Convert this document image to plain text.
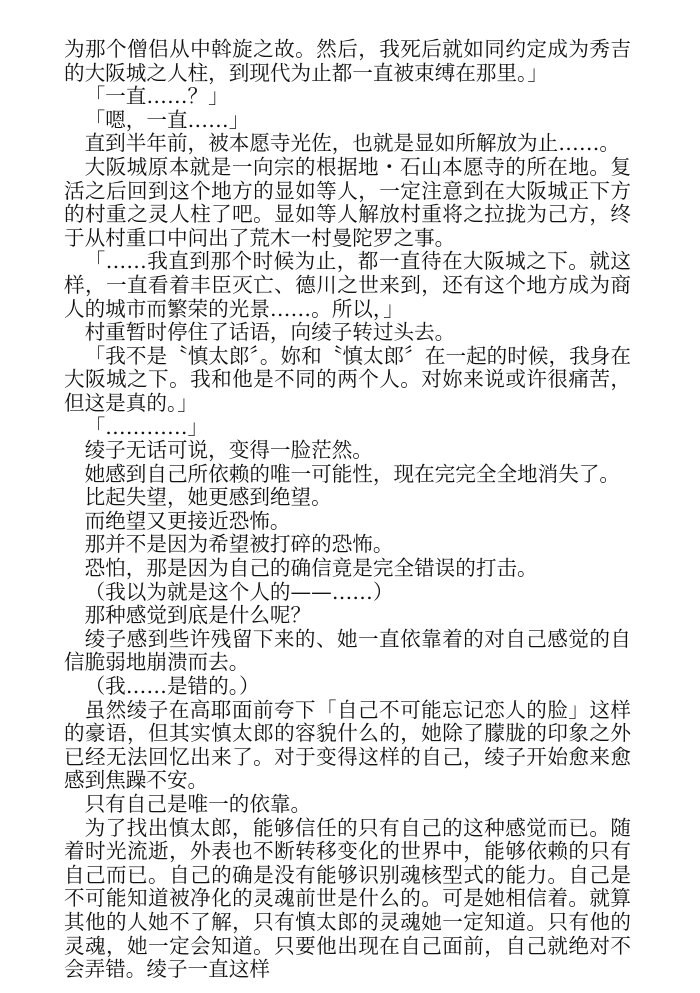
为那个僧侣从中斡旋之故。然后，我死后就如同约定成为秀吉的大阪城之人柱，到现代为止都一直被束缚在那里。」

「一直……？」

「嗯，一直……」

直到半年前，被本愿寺光佐，也就是显如所解放为止……。

大阪城原本就是一向宗的根据地・石山本愿寺的所在地。复活之后回到这个地方的显如等人，一定注意到在大阪城正下方的村重之灵人柱了吧。显如等人解放村重将之拉拢为己方，终于从村重口中问出了荒木一村曼陀罗之事。

「……我直到那个时候为止，都一直待在大阪城之下。就这样，一直看着丰臣灭亡、德川之世来到，还有这个地方成为商人的城市而繁荣的光景……。所以，」

村重暂时停住了话语，向绫子转过头去。

「我不是〝慎太郎〞。妳和〝慎太郎〞在一起的时候，我身在大阪城之下。我和他是不同的两个人。对妳来说或许很痛苦，但这是真的。」

「…………」

绫子无话可说，变得一脸茫然。

她感到自己所依赖的唯一可能性，现在完完全全地消失了。

比起失望，她更感到绝望。

而绝望又更接近恐怖。

那并不是因为希望被打碎的恐怖。

恐怕，那是因为自己的确信竟是完全错误的打击。

（我以为就是这个人的——……）

那种感觉到底是什么呢？

绫子感到些许残留下来的、她一直依靠着的对自己感觉的自信脆弱地崩溃而去。

（我……是错的。）

虽然绫子在高耶面前夸下「自己不可能忘记恋人的脸」这样的豪语，但其实慎太郎的容貌什么的，她除了朦胧的印象之外已经无法回忆出来了。对于变得这样的自己，绫子开始愈来愈感到焦躁不安。

只有自己是唯一的依靠。

为了找出慎太郎，能够信任的只有自己的这种感觉而已。随着时光流逝，外表也不断转移变化的世界中，能够依赖的只有自己而已。自己的确是没有能够识别魂核型式的能力。自己是不可能知道被净化的灵魂前世是什么的。可是她相信着。就算其他的人她不了解，只有慎太郎的灵魂她一定知道。只有他的灵魂，她一定会知道。只要他出现在自己面前，自己就绝对不会弄错。绫子一直这样
